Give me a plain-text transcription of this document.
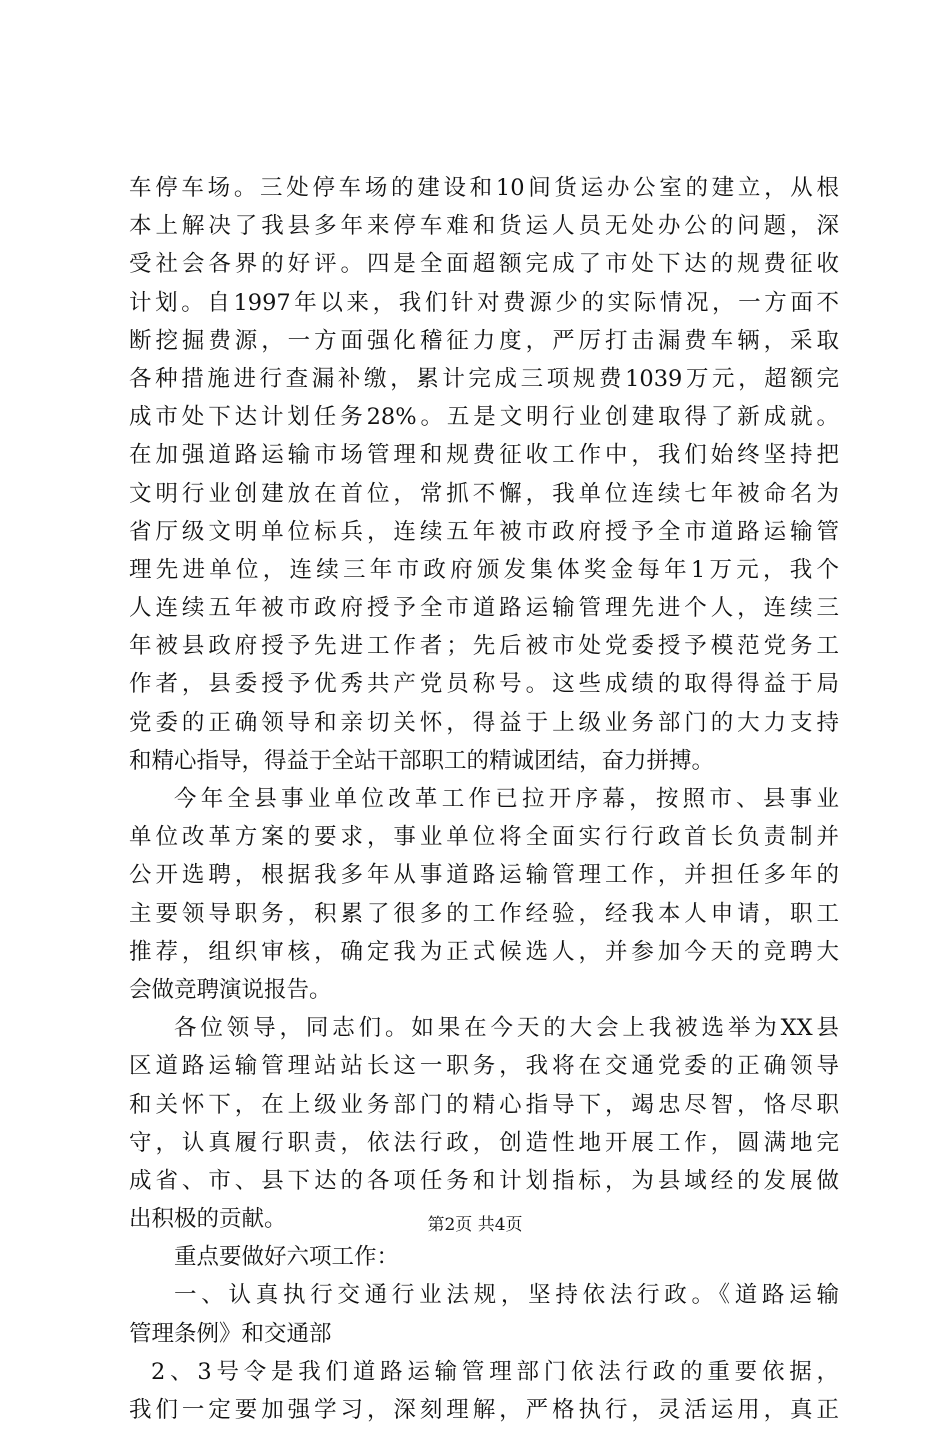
车停车场。三处停车场的建设和10间货运办公室的建立，从根
本上解决了我县多年来停车难和货运人员无处办公的问题，深
受社会各界的好评。四是全面超额完成了市处下达的规费征收
计划。自1997年以来，我们针对费源少的实际情况，一方面不
断挖掘费源，一方面强化稽征力度，严厉打击漏费车辆，采取
各种措施进行查漏补缴，累计完成三项规费1039万元，超额完
成市处下达计划任务28%。五是文明行业创建取得了新成就。
在加强道路运输市场管理和规费征收工作中，我们始终坚持把
文明行业创建放在首位，常抓不懈，我单位连续七年被命名为
省厅级文明单位标兵，连续五年被市政府授予全市道路运输管
理先进单位，连续三年市政府颁发集体奖金每年1万元，我个
人连续五年被市政府授予全市道路运输管理先进个人，连续三
年被县政府授予先进工作者；先后被市处党委授予模范党务工
作者，县委授予优秀共产党员称号。这些成绩的取得得益于局
党委的正确领导和亲切关怀，得益于上级业务部门的大力支持
和精心指导，得益于全站干部职工的精诚团结，奋力拼搏。
今年全县事业单位改革工作已拉开序幕，按照市、县事业
单位改革方案的要求，事业单位将全面实行行政首长负责制并
公开选聘，根据我多年从事道路运输管理工作，并担任多年的
主要领导职务，积累了很多的工作经验，经我本人申请，职工
推荐，组织审核，确定我为正式候选人，并参加今天的竞聘大
会做竞聘演说报告。
各位领导，同志们。如果在今天的大会上我被选举为XX县
区道路运输管理站站长这一职务，我将在交通党委的正确领导
和关怀下，在上级业务部门的精心指导下，竭忠尽智，恪尽职
守，认真履行职责，依法行政，创造性地开展工作，圆满地完
成省、市、县下达的各项任务和计划指标，为县域经的发展做
出积极的贡献。
重点要做好六项工作：
一、认真执行交通行业法规，坚持依法行政。《道路运输
管理条例》和交通部
2、3号令是我们道路运输管理部门依法行政的重要依据，
我们一定要加强学习，深刻理解，严格执行，灵活运用，真正
第2页 共4页
